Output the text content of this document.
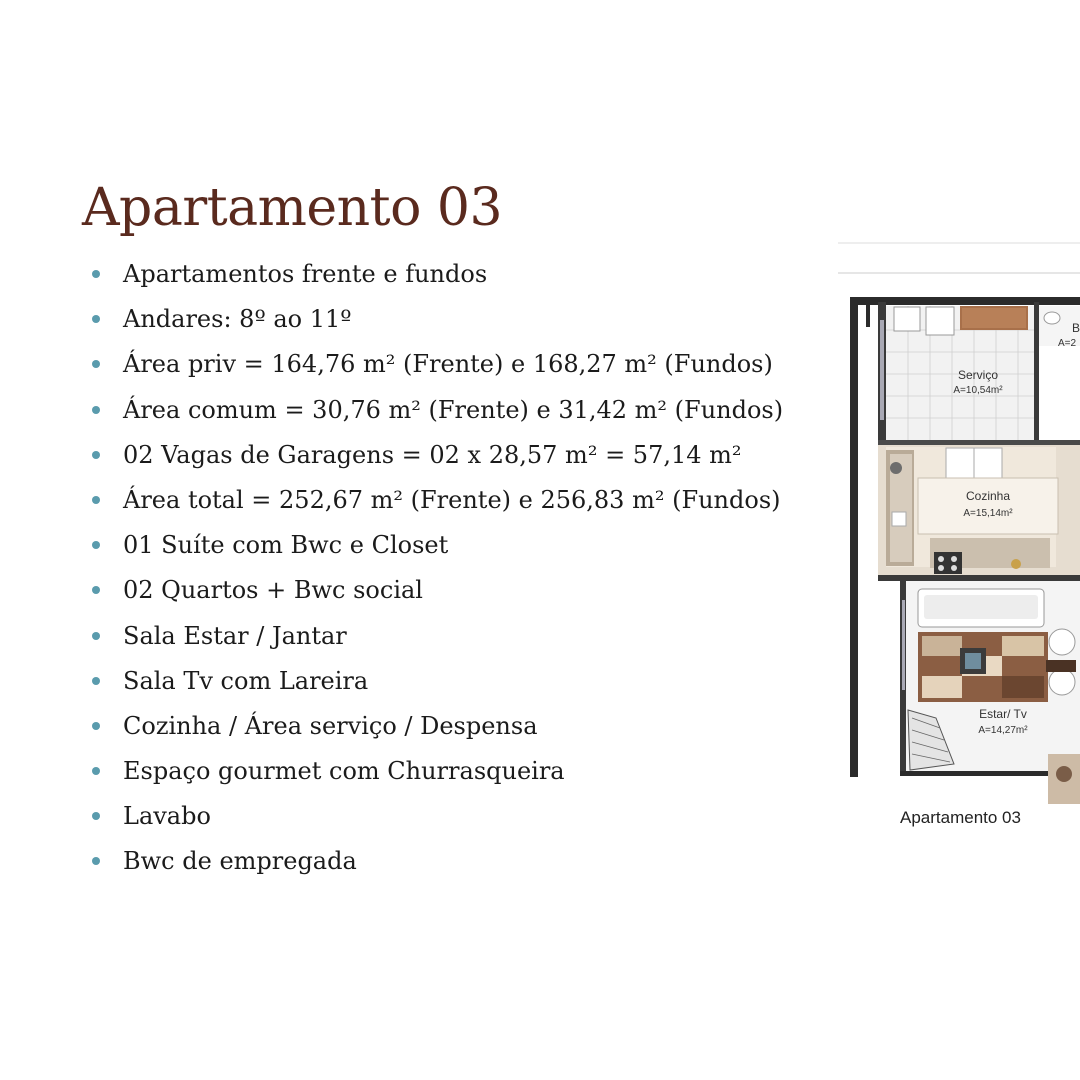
Apartamento 03
Apartamentos frente e fundos
Andares: 8º ao 11º
Área priv = 164,76 m² (Frente) e 168,27 m² (Fundos)
Área comum = 30,76 m² (Frente) e 31,42 m² (Fundos)
02 Vagas de Garagens = 02 x 28,57 m² = 57,14 m²
Área total = 252,67 m² (Frente) e 256,83 m² (Fundos)
01 Suíte com Bwc e Closet
02 Quartos + Bwc social
Sala Estar / Jantar
Sala Tv com Lareira
Cozinha / Área serviço / Despensa
Espaço gourmet com Churrasqueira
Lavabo
Bwc de empregada
Serviço
A=10,54m²
Cozinha
A=15,14m²
Estar/ Tv
A=14,27m²
B
A=2
Apartamento 03
